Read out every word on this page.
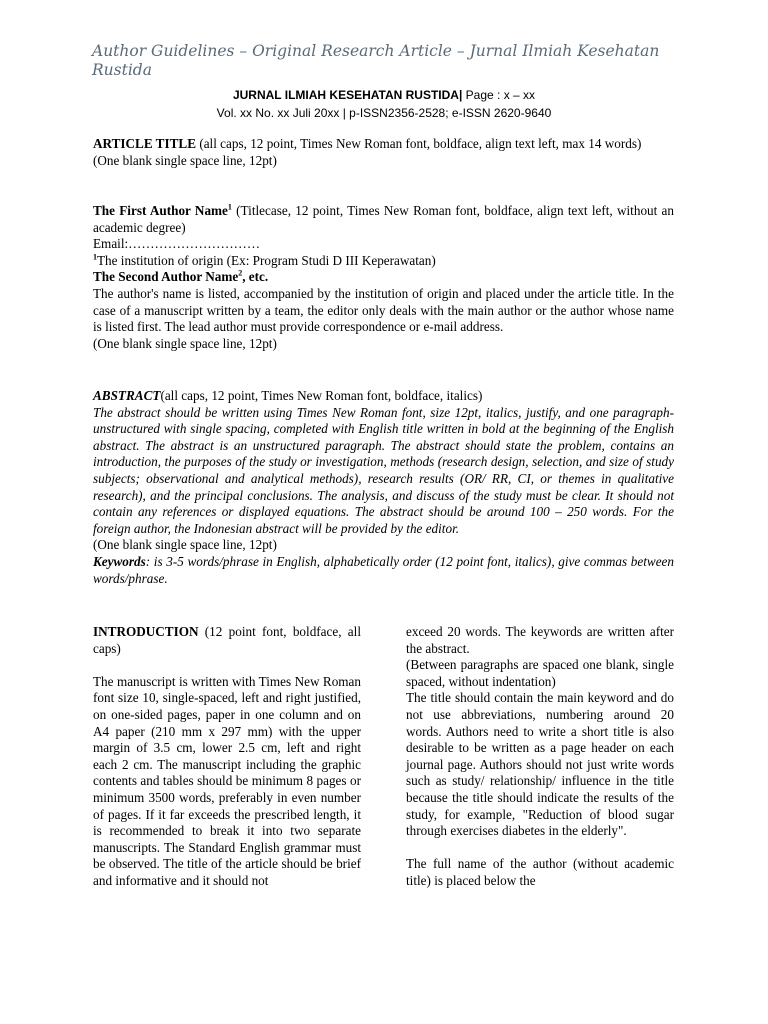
Author Guidelines – Original Research Article – Jurnal Ilmiah Kesehatan Rustida
JURNAL ILMIAH KESEHATAN RUSTIDA| Page : x – xx
Vol. xx No. xx Juli 20xx | p-ISSN2356-2528; e-ISSN 2620-9640
ARTICLE TITLE (all caps, 12 point, Times New Roman font, boldface, align text left, max 14 words)
(One blank single space line, 12pt)
The First Author Name$^1$ (Titlecase, 12 point, Times New Roman font, boldface, align text left, without an academic degree)
Email:…………………………
$^1$The institution of origin (Ex: Program Studi D III Keperawatan)
The Second Author Name$^2$, etc.
The author's name is listed, accompanied by the institution of origin and placed under the article title. In the case of a manuscript written by a team, the editor only deals with the main author or the author whose name is listed first. The lead author must provide correspondence or e-mail address.
(One blank single space line, 12pt)
ABSTRACT(all caps, 12 point, Times New Roman font, boldface, italics)
The abstract should be written using Times New Roman font, size 12pt, italics, justify, and one paragraph-unstructured with single spacing, completed with English title written in bold at the beginning of the English abstract. The abstract is an unstructured paragraph. The abstract should state the problem, contains an introduction, the purposes of the study or investigation, methods (research design, selection, and size of study subjects; observational and analytical methods), research results (OR/ RR, CI, or themes in qualitative research), and the principal conclusions. The analysis, and discuss of the study must be clear. It should not contain any references or displayed equations. The abstract should be around 100 – 250 words. For the foreign author, the Indonesian abstract will be provided by the editor.
(One blank single space line, 12pt)
Keywords: is 3-5 words/phrase in English, alphabetically order (12 point font, italics), give commas between words/phrase.

INTRODUCTION (12 point font, boldface, all caps)

The manuscript is written with Times New Roman font size 10, single-spaced, left and right justified, on one-sided pages, paper in one column and on A4 paper (210 mm x 297 mm) with the upper margin of 3.5 cm, lower 2.5 cm, left and right each 2 cm. The manuscript including the graphic contents and tables should be minimum 8 pages or minimum 3500 words, preferably in even number of pages. If it far exceeds the prescribed length, it is recommended to break it into two separate manuscripts. The Standard English grammar must be observed. The title of the article should be brief and informative and it should not

exceed 20 words. The keywords are written after the abstract.

(Between paragraphs are spaced one blank, single spaced, without indentation)

The title should contain the main keyword and do not use abbreviations, numbering around 20 words. Authors need to write a short title is also desirable to be written as a page header on each journal page. Authors should not just write words such as study/ relationship/ influence in the title because the title should indicate the results of the study, for example, "Reduction of blood sugar through exercises diabetes in the elderly".

The full name of the author (without academic title) is placed below the
